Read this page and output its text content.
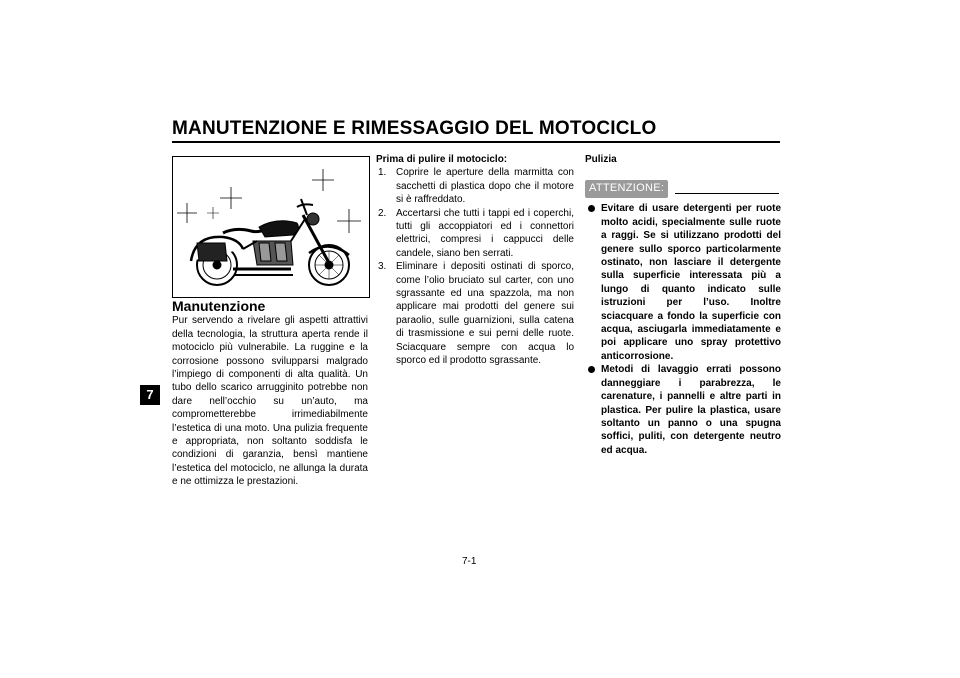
MANUTENZIONE E RIMESSAGGIO DEL MOTOCICLO
7
Manutenzione

Pur servendo a rivelare gli aspetti attrattivi della tecnologia, la struttura aperta rende il motociclo più vulnerabile. La ruggine e la corrosione possono svilupparsi malgrado l’impiego di componenti di alta qualità. Un tubo dello scarico arrugginito potrebbe non dare nell’occhio su un’auto, ma comprometterebbe irrimediabilmente l’estetica di una moto. Una pulizia frequente e appropriata, non soltanto soddisfa le condizioni di garanzia, bensì mantiene l’estetica del motociclo, ne allunga la durata e ne ottimizza le prestazioni.

Prima di pulire il motociclo:
1. Coprire le aperture della marmitta con sacchetti di plastica dopo che il motore si è raffreddato.
2. Accertarsi che tutti i tappi ed i coperchi, tutti gli accoppiatori ed i connettori elettrici, compresi i cappucci delle candele, siano ben serrati.
3. Eliminare i depositi ostinati di sporco, come l’olio bruciato sul carter, con uno sgrassante ed una spazzola, ma non applicare mai prodotti del genere sui paraolio, sulle guarnizioni, sulla catena di trasmissione e sui perni delle ruote. Sciacquare sempre con acqua lo sporco ed il prodotto sgrassante.
Pulizia
ATTENZIONE:
Evitare di usare detergenti per ruote molto acidi, specialmente sulle ruote a raggi. Se si utilizzano prodotti del genere sullo sporco particolarmente ostinato, non lasciare il detergente sulla superficie interessata più a lungo di quanto indicato sulle istruzioni per l’uso. Inoltre sciacquare a fondo la superficie con acqua, asciugarla immediatamente e poi applicare uno spray protettivo anticorrosione.
Metodi di lavaggio errati possono danneggiare i parabrezza, le carenature, i pannelli e altre parti in plastica. Per pulire la plastica, usare soltanto un panno o una spugna soffici, puliti, con detergente neutro ed acqua.
7-1
